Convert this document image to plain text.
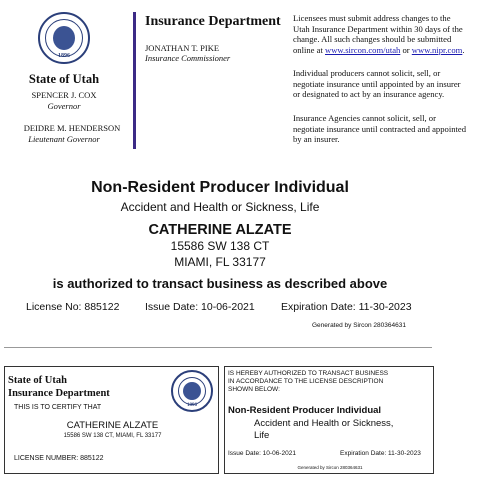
1896
State of Utah
SPENCER J. COX
Governor
DEIDRE M. HENDERSON
Lieutenant Governor
Insurance Department
JONATHAN T. PIKE
Insurance Commissioner
Licensees must submit address changes to the
Utah Insurance Department within 30 days of the
change. All such changes should be submitted
online at www.sircon.com/utah or www.nipr.com.
Individual producers cannot solicit, sell, or
negotiate insurance until appointed by an insurer
or designated to act by an insurance agency.
Insurance Agencies cannot solicit, sell, or
negotiate insurance until contracted and appointed
by an insurer.
Non-Resident Producer Individual
Accident and Health or Sickness, Life
CATHERINE ALZATE
15586 SW 138 CT
MIAMI, FL 33177
is authorized to transact business as described above
License No: 885122 Issue Date: 10-06-2021	Expiration Date: 11-30-2023
Generated by Sircon 280364631
State of Utah
Insurance Department
THIS IS TO CERTIFY THAT
CATHERINE ALZATE
15586 SW 138 CT, MIAMI, FL 33177
LICENSE NUMBER: 885122
1896
IS HEREBY AUTHORIZED TO TRANSACT BUSINESS
IN ACCORDANCE TO THE LICENSE DESCRIPTION
SHOWN BELOW:
Non-Resident Producer Individual
Accident and Health or Sickness,
Life
Issue Date: 10-06-2021	Expiration Date: 11-30-2023
Generated by Sircon 280364631
